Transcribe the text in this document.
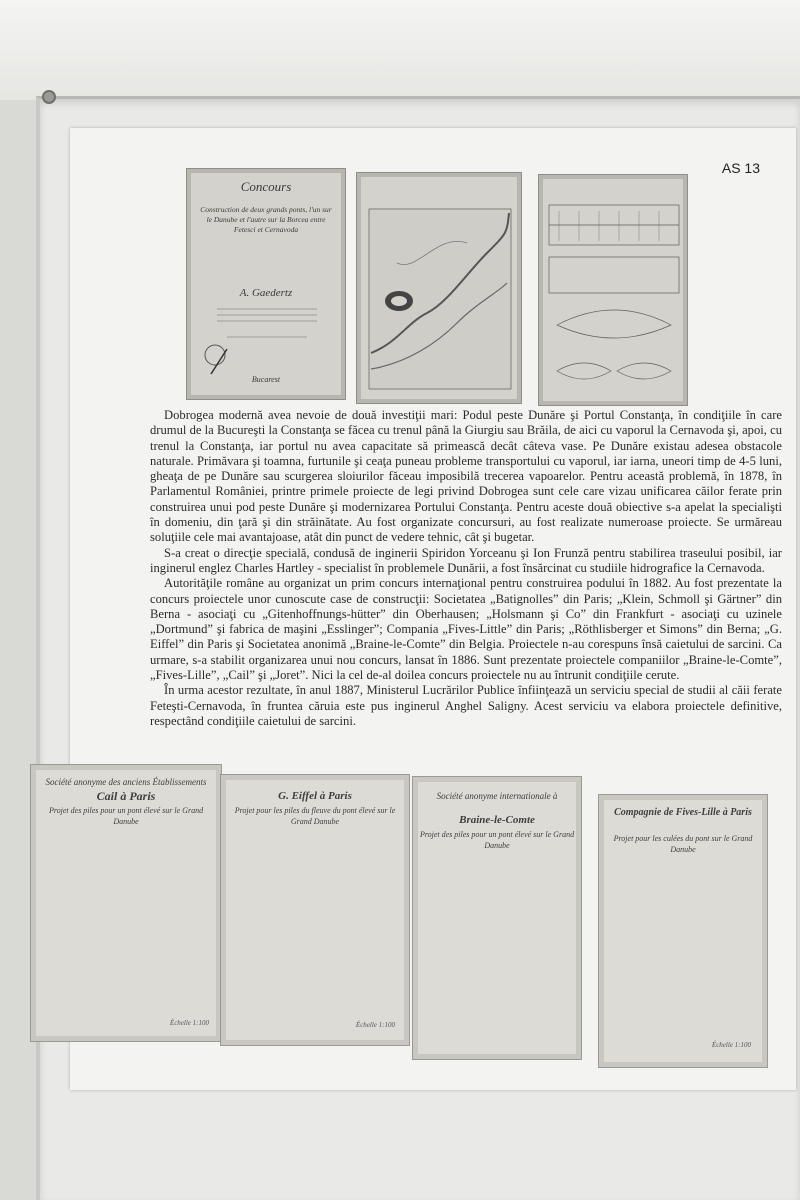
AS 13
Concours
Construction de deux grands ponts, l'un sur le Danube et l'autre sur la Borcea entre Fetesci et Cernavoda
A. Gaedertz
Bucarest

Dobrogea modernă avea nevoie de două investiţii mari: Podul peste Dunăre şi Portul Constanţa, în condiţiile în care drumul de la Bucureşti la Constanţa se făcea cu trenul până la Giurgiu sau Brăila, de aici cu vaporul la Cernavoda şi, apoi, cu trenul la Constanţa, iar portul nu avea capacitate să primească decât câteva vase. Pe Dunăre existau adesea obstacole naturale. Primăvara şi toamna, furtunile şi ceaţa puneau probleme transportului cu vaporul, iar iarna, uneori timp de 4-5 luni, gheaţa de pe Dunăre sau scurgerea sloiurilor făceau imposibilă trecerea vapoarelor. Pentru această problemă, în 1878, în Parlamentul României, printre primele proiecte de legi privind Dobrogea sunt cele care vizau unificarea căilor ferate prin construirea unui pod peste Dunăre şi modernizarea Portului Constanţa. Pentru aceste două obiective s-a apelat la specialişti în domeniu, din ţară şi din străinătate. Au fost organizate concursuri, au fost realizate numeroase proiecte. Se urmăreau soluţiile cele mai avantajoase, atât din punct de vedere tehnic, cât şi bugetar.

S-a creat o direcţie specială, condusă de inginerii Spiridon Yorceanu şi Ion Frunză pentru stabilirea traseului posibil, iar inginerul englez Charles Hartley - specialist în problemele Dunării, a fost însărcinat cu studiile hidrografice la Cernavoda.

Autorităţile române au organizat un prim concurs internaţional pentru construirea podului în 1882. Au fost prezentate la concurs proiectele unor cunoscute case de construcţii: Societatea „Batignolles” din Paris; „Klein, Schmoll şi Gärtner” din Berna - asociaţi cu „Gitenhoffnungs-hütter” din Oberhausen; „Holsmann şi Co” din Frankfurt - asociaţi cu uzinele „Dortmund” şi fabrica de maşini „Esslinger”; Compania „Fives-Little” din Paris; „Röthlisberger et Simons” din Berna; „G. Eiffel” din Paris şi Societatea anonimă „Braine-le-Comte” din Belgia. Proiectele n-au corespuns însă caietului de sarcini. Ca urmare, s-a stabilit organizarea unui nou concurs, lansat în 1886. Sunt prezentate proiectele companiilor „Braine-le-Comte”, „Fives-Lille”, „Cail” şi „Joret”. Nici la cel de-al doilea concurs proiectele nu au întrunit condiţiile cerute.

În urma acestor rezultate, în anul 1887, Ministerul Lucrărilor Publice înfiinţează un serviciu special de studii al căii ferate Feteşti-Cernavoda, în fruntea căruia este pus inginerul Anghel Saligny. Acest serviciu va elabora proiectele definitive, respectând condiţiile caietului de sarcini.

Société anonyme des anciens Établissements
Cail à Paris
Projet des piles pour un pont élevé sur le Grand Danube
Échelle 1:100
G. Eiffel à Paris
Projet pour les piles du fleuve du pont élevé sur le Grand Danube
Échelle 1:100
Société anonyme internationale à
Braine-le-Comte
Projet des piles pour un pont élevé sur le Grand Danube
Compagnie de Fives-Lille à Paris
Projet pour les culées du pont sur le Grand Danube
Échelle 1:100
